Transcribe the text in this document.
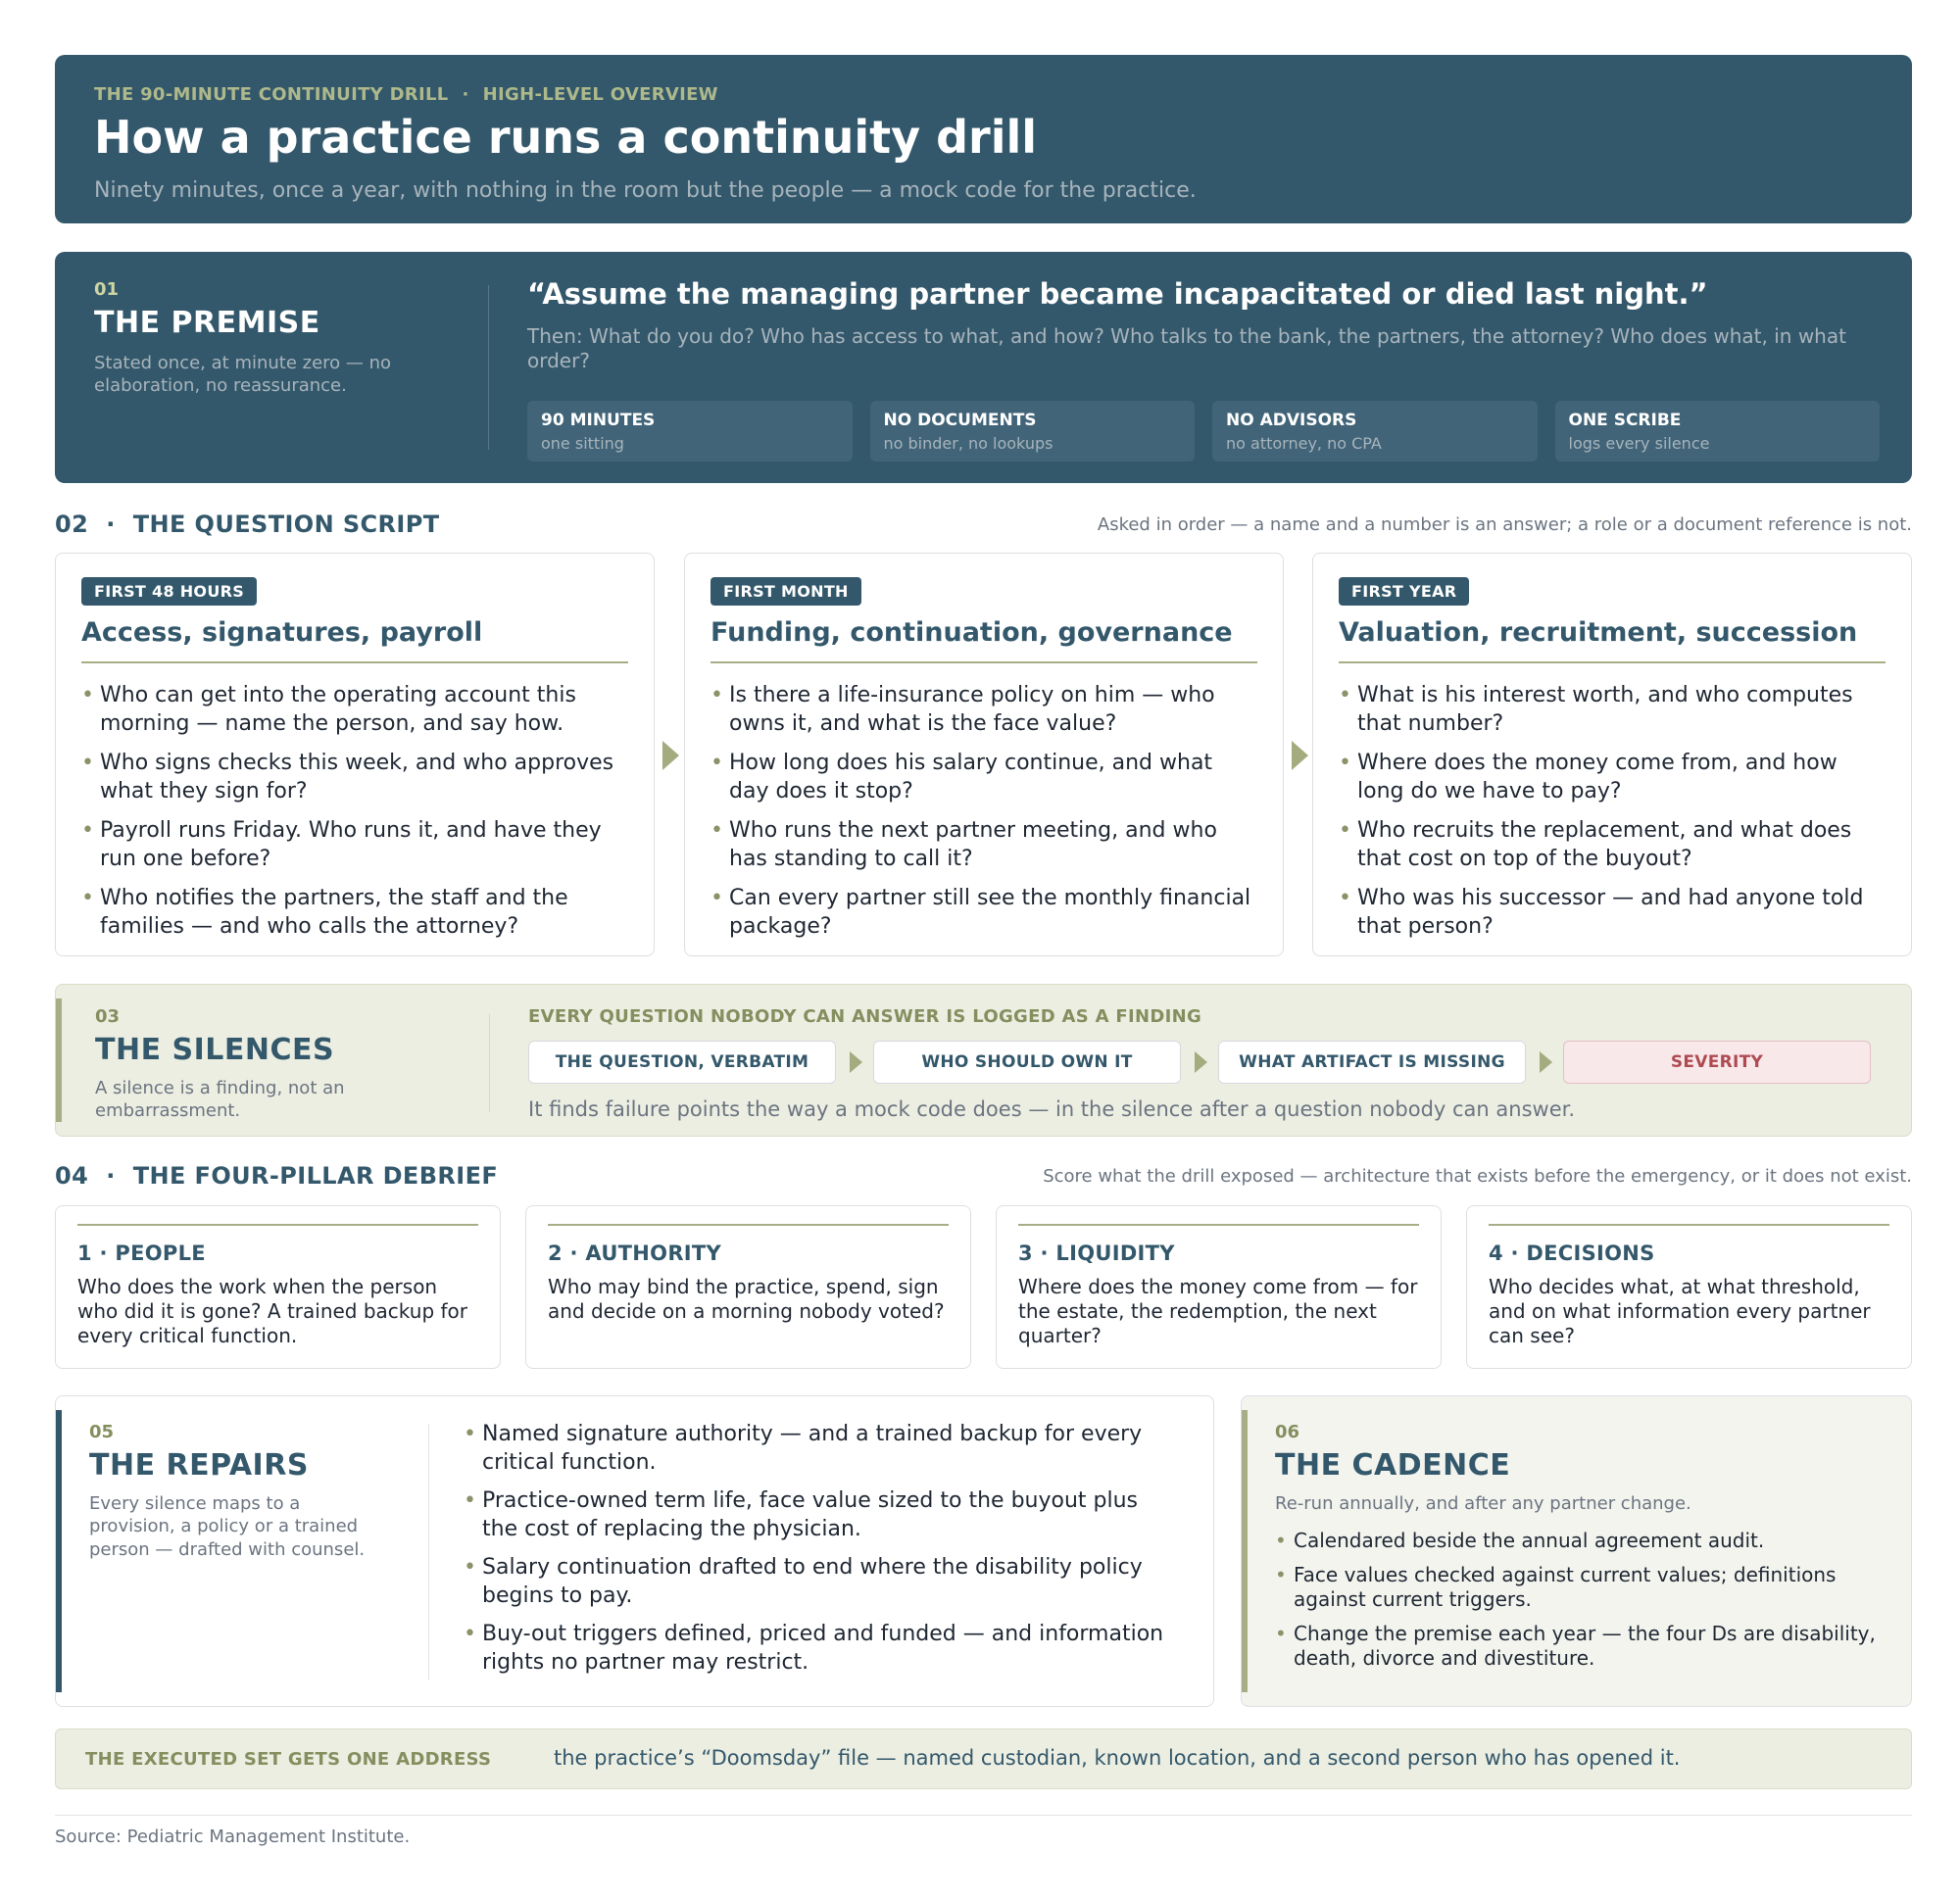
THE 90-MINUTE CONTINUITY DRILL · HIGH-LEVEL OVERVIEW
How a practice runs a continuity drill
Ninety minutes, once a year, with nothing in the room but the people — a mock code for the practice.
01
THE PREMISE
Stated once, at minute zero — no elaboration, no reassurance.
“Assume the managing partner became incapacitated or died last night.”
Then: What do you do? Who has access to what, and how? Who talks to the bank, the partners, the attorney? Who does what, in what order?
90 MINUTES
one sitting
NO DOCUMENTS
no binder, no lookups
NO ADVISORS
no attorney, no CPA
ONE SCRIBE
logs every silence
02 · THE QUESTION SCRIPT	Asked in order — a name and a number is an answer; a role or a document reference is not.
FIRST 48 HOURS
Access, signatures, payroll
• Who can get into the operating account this morning — name the person, and say how.
• Who signs checks this week, and who approves what they sign for?
• Payroll runs Friday. Who runs it, and have they run one before?
• Who notifies the partners, the staff and the families — and who calls the attorney?
FIRST MONTH
Funding, continuation, governance
• Is there a life-insurance policy on him — who owns it, and what is the face value?
• How long does his salary continue, and what day does it stop?
• Who runs the next partner meeting, and who has standing to call it?
• Can every partner still see the monthly financial package?
FIRST YEAR
Valuation, recruitment, succession
• What is his interest worth, and who computes that number?
• Where does the money come from, and how long do we have to pay?
• Who recruits the replacement, and what does that cost on top of the buyout?
• Who was his successor — and had anyone told that person?
03
THE SILENCES
A silence is a finding, not an embarrassment.
EVERY QUESTION NOBODY CAN ANSWER IS LOGGED AS A FINDING
THE QUESTION, VERBATIM	WHO SHOULD OWN IT	WHAT ARTIFACT IS MISSING	SEVERITY
It finds failure points the way a mock code does — in the silence after a question nobody can answer.
04 · THE FOUR-PILLAR DEBRIEF	Score what the drill exposed — architecture that exists before the emergency, or it does not exist.
1 · PEOPLE

Who does the work when the person who did it is gone? A trained backup for every critical function.

2 · AUTHORITY

Who may bind the practice, spend, sign and decide on a morning nobody voted?

3 · LIQUIDITY

Where does the money come from — for the estate, the redemption, the next quarter?

4 · DECISIONS

Who decides what, at what threshold, and on what information every partner can see?

05
THE REPAIRS
Every silence maps to a provision, a policy or a trained person — drafted with counsel.
• Named signature authority — and a trained backup for every critical function.
• Practice-owned term life, face value sized to the buyout plus the cost of replacing the physician.
• Salary continuation drafted to end where the disability policy begins to pay.
• Buy-out triggers defined, priced and funded — and information rights no partner may restrict.
06
THE CADENCE
Re-run annually, and after any partner change.
• Calendared beside the annual agreement audit.
• Face values checked against current values; definitions against current triggers.
• Change the premise each year — the four Ds are disability, death, divorce and divestiture.
THE EXECUTED SET GETS ONE ADDRESS	the practice’s “Doomsday” file — named custodian, known location, and a second person who has opened it.
Source: Pediatric Management Institute.
